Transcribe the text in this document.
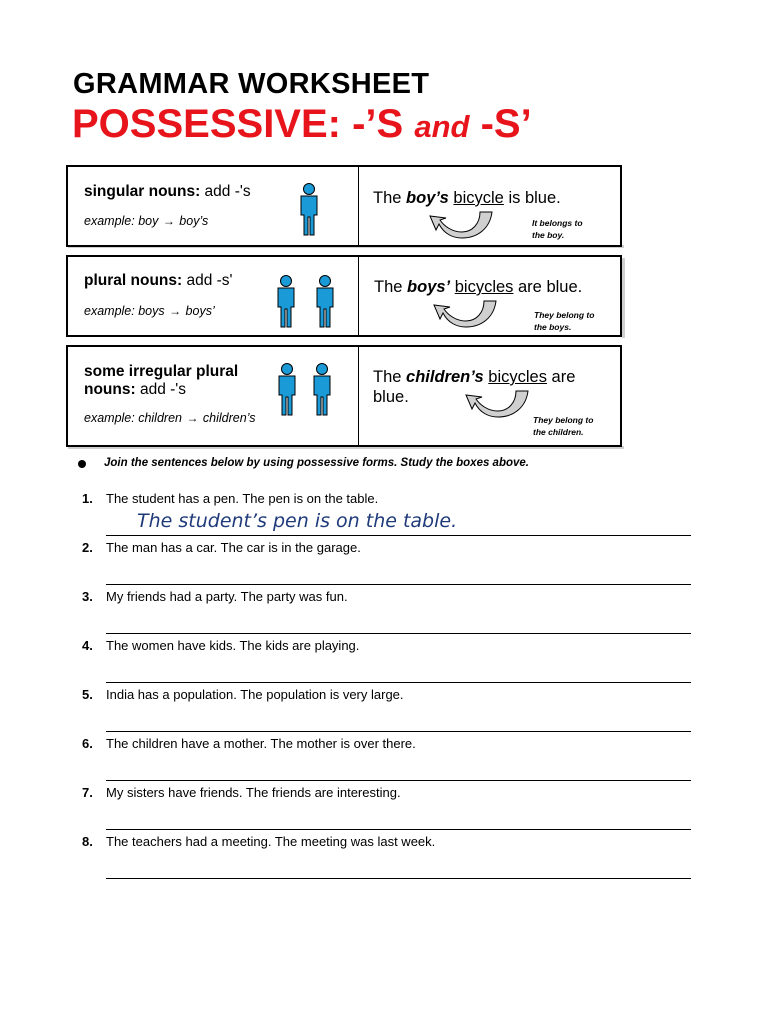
GRAMMAR WORKSHEET
POSSESSIVE: -’S and -S’
singular nouns: add -'s
example: boy → boy’s
The boy’s bicycle is blue.
It belongs to
the boy.
plural nouns: add -s'
example: boys → boys’
The boys’ bicycles are blue.
They belong to
the boys.
some irregular plural
nouns: add -'s
example: children → children’s
The children’s bicycles are
blue.
They belong to
the children.
Join the sentences below by using possessive forms. Study the boxes above.
1. The student has a pen. The pen is on the table.
The student’s pen is on the table.
2. The man has a car. The car is in the garage.
3. My friends had a party. The party was fun.
4. The women have kids. The kids are playing.
5. India has a population. The population is very large.
6. The children have a mother. The mother is over there.
7. My sisters have friends. The friends are interesting.
8. The teachers had a meeting. The meeting was last week.
